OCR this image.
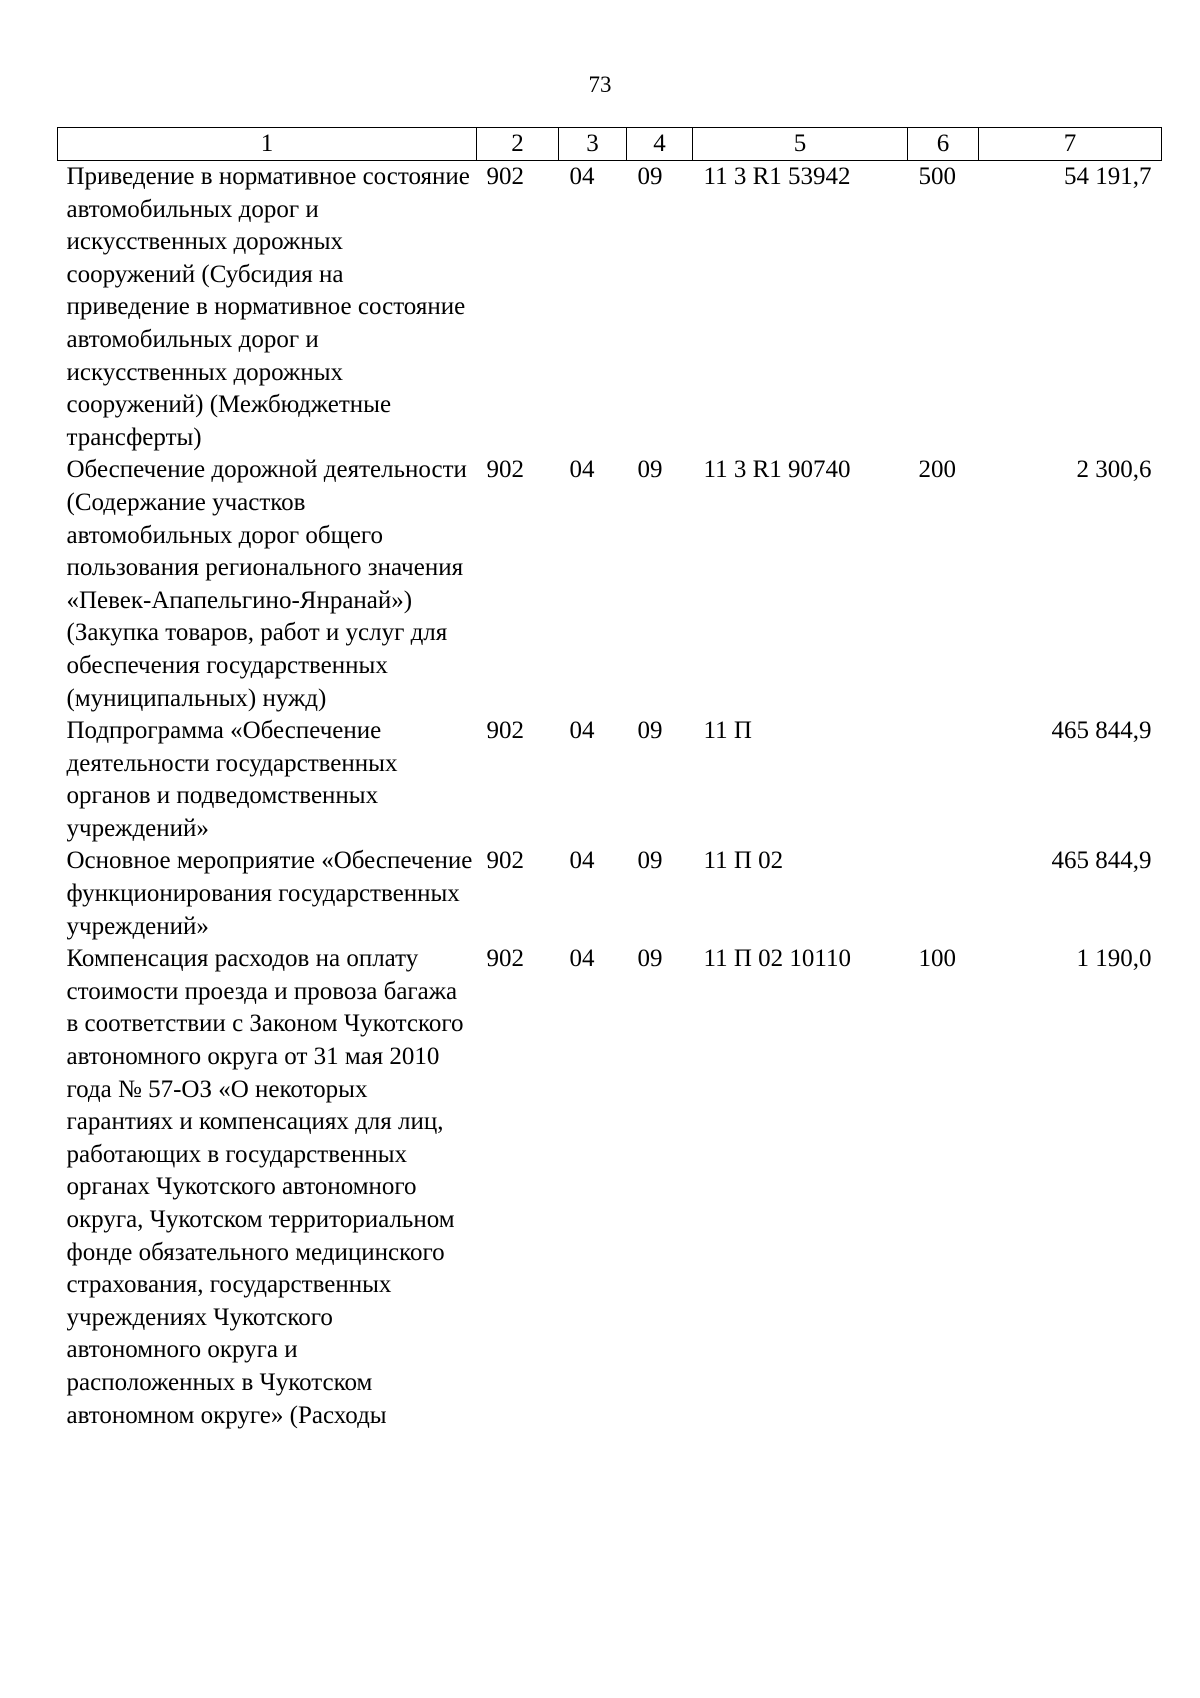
73
1	2	3	4	5	6	7
Приведение в нормативное состояние автомобильных дорог и искусственных дорожных сооружений (Субсидия на приведение в нормативное состояние автомобильных дорог и искусственных дорожных сооружений) (Межбюджетные трансферты)	902	04	09	11 3 R1 53942	500	54 191,7
Обеспечение дорожной деятельности (Содержание участков автомобильных дорог общего пользования регионального значения «Певек-Апапельгино-Янранай») (Закупка товаров, работ и услуг для обеспечения государственных (муниципальных) нужд)	902	04	09	11 3 R1 90740	200	2 300,6
Подпрограмма «Обеспечение деятельности государственных органов и подведомственных учреждений»	902	04	09	11 П		465 844,9
Основное мероприятие «Обеспечение функционирования государственных учреждений»	902	04	09	11 П 02		465 844,9
Компенсация расходов на оплату стоимости проезда и провоза багажа в соответствии с Законом Чукотского автономного округа от 31 мая 2010 года № 57-ОЗ «О некоторых гарантиях и компенсациях для лиц, работающих в государственных органах Чукотского автономного округа, Чукотском территориальном фонде обязательного медицинского страхования, государственных учреждениях Чукотского автономного округа и расположенных в Чукотском автономном округе» (Расходы	902	04	09	11 П 02 10110	100	1 190,0
